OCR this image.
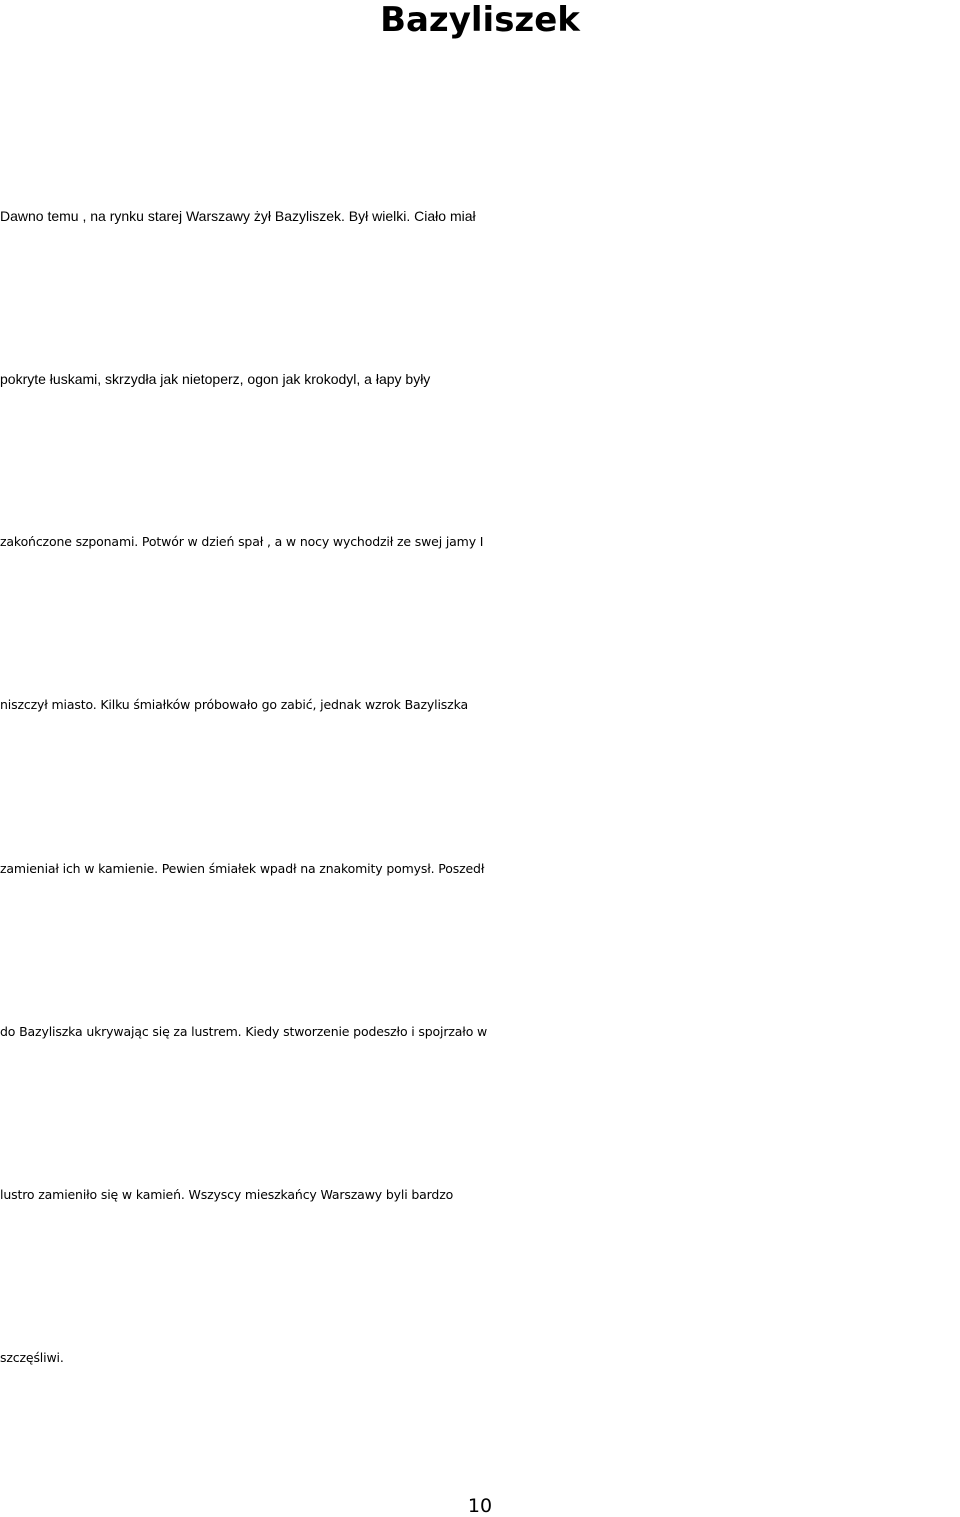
Bazyliszek

Dawno temu , na rynku starej Warszawy żył Bazyliszek. Był wielki. Ciało miał

pokryte łuskami, skrzydła jak nietoperz, ogon jak krokodyl, a łapy były

zakończone szponami. Potwór w dzień spał , a w nocy wychodził ze swej jamy I

niszczył miasto. Kilku śmiałków próbowało go zabić, jednak wzrok Bazyliszka

zamieniał ich w kamienie. Pewien śmiałek wpadł na znakomity pomysł. Poszedł

do Bazyliszka ukrywając się za lustrem. Kiedy stworzenie podeszło i spojrzało w

lustro zamieniło się w kamień. Wszyscy mieszkańcy Warszawy byli bardzo

szczęśliwi.

10
